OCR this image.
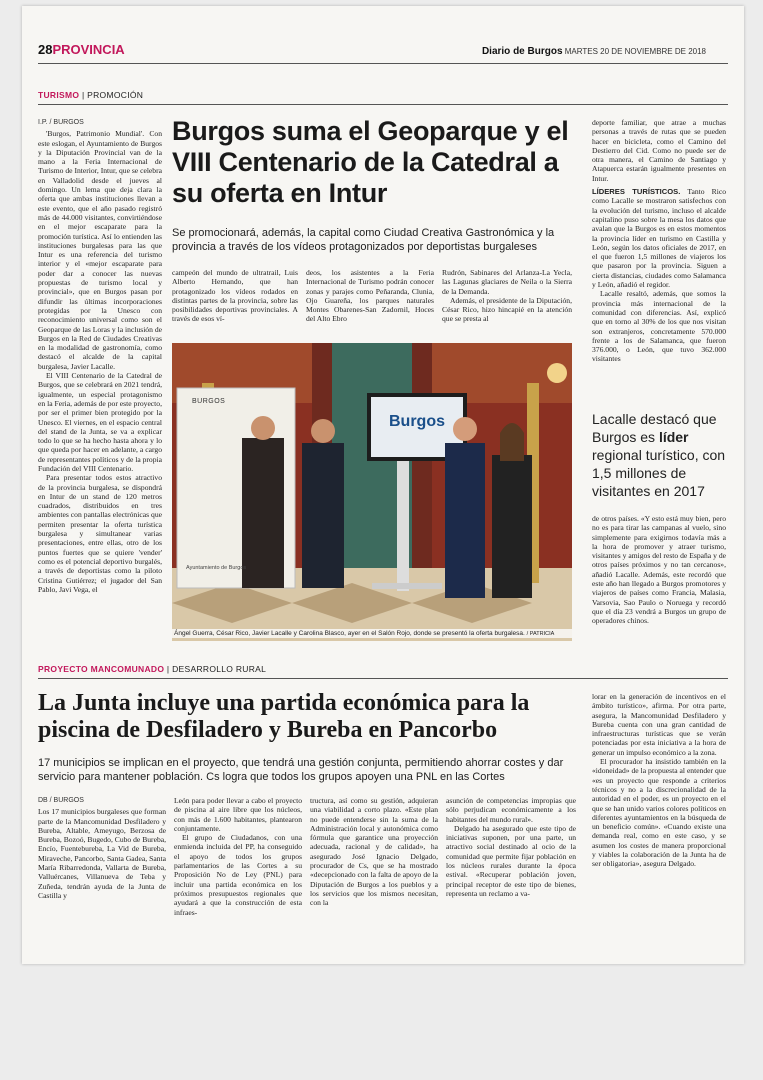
28PROVINCIA	Diario de Burgos MARTES 20 DE NOVIEMBRE DE 2018
TURISMO | PROMOCIÓN
I.P. / BURGOS

'Burgos, Patrimonio Mundial'. Con este eslogan, el Ayuntamiento de Burgos y la Diputación Provincial van de la mano a la Feria Internacional de Turismo de Interior, Intur, que se celebra en Valladolid desde el jueves al domingo. Un lema que deja clara la oferta que ambas instituciones llevan a este evento, que el año pasado registró más de 44.000 visitantes, convirtiéndose en el mejor escaparate para la promoción turística. Así lo entienden las instituciones burgalesas para las que Intur es una referencia del turismo interior y el «mejor escaparate para poder dar a conocer las nuevas propuestas de turismo local y provincial», que en Burgos pasan por difundir las últimas incorporaciones protegidas por la Unesco con reconocimiento universal como son el Geoparque de las Loras y la inclusión de Burgos en la Red de Ciudades Creativas en la modalidad de gastronomía, como destacó el alcalde de la capital burgalesa, Javier Lacalle.

El VIII Centenario de la Catedral de Burgos, que se celebrará en 2021 tendrá, igualmente, un especial protagonismo en la Feria, además de por este proyecto, por ser el primer bien protegido por la Unesco. El viernes, en el espacio central del stand de la Junta, se va a explicar todo lo que se ha hecho hasta ahora y lo que queda por hacer en adelante, a cargo de representantes políticos y de la propia Fundación del VIII Centenario.

Para presentar todos estos atractivo de la provincia burgalesa, se dispondrá en Intur de un stand de 120 metros cuadrados, distribuidos en tres ambientes con pantallas electrónicas que permiten presentar la oferta turística burgalesa y simultanear varias presentaciones, entre ellas, otro de los puntos fuertes que se quiere 'vender' como es el potencial deportivo burgalés, a través de deportistas como la piloto Cristina Gutiérrez; el jugador del San Pablo, Javi Vega, el

Burgos suma el Geoparque y el VIII Centenario de la Catedral a su oferta en Intur
Se promocionará, además, la capital como Ciudad Creativa Gastronómica y la provincia a través de los vídeos protagonizados por deportistas burgaleses

campeón del mundo de ultratrail, Luis Alberto Hernando, que han protagonizado los vídeos rodados en distintas partes de la provincia, sobre las posibilidades deportivas provinciales. A través de esos ví-

deos, los asistentes a la Feria Internacional de Turismo podrán conocer zonas y parajes como Peñaranda, Clunia, Ojo Guareña, los parques naturales Montes Obarenes-San Zadornil, Hoces del Alto Ebro

Rudrón, Sabinares del Arlanza-La Yecla, las Lagunas glaciares de Neila o la Sierra de la Demanda.

Además, el presidente de la Diputación, César Rico, hizo hincapié en la atención que se presta al

BURGOS
Ayuntamiento de Burgos
Burgos
Ángel Guerra, César Rico, Javier Lacalle y Carolina Blasco, ayer en el Salón Rojo, donde se presentó la oferta burgalesa. / PATRICIA

deporte familiar, que atrae a muchas personas a través de rutas que se pueden hacer en bicicleta, como el Camino del Destierro del Cid. Como no puede ser de otra manera, el Camino de Santiago y Atapuerca estarán igualmente presentes en Intur.

LÍDERES TURÍSTICOS. Tanto Rico como Lacalle se mostraron satisfechos con la evolución del turismo, incluso el alcalde capitalino puso sobre la mesa los datos que avalan que la Burgos es en estos momentos la provincia líder en turismo en Castilla y León, según los datos oficiales de 2017, en el que fueron 1,5 millones de viajeros los que pasaron por la provincia. Siguen a cierta distancias, ciudades como Salamanca y León, añadió el regidor.

Lacalle resaltó, además, que somos la provincia más internacional de la comunidad con diferencias. Así, explicó que en torno al 30% de los que nos visitan son extranjeros, concretamente 570.000 frente a los de Salamanca, que fueron 376.000, o León, que tuvo 362.000 visitantes

Lacalle destacó que Burgos es líder regional turístico, con 1,5 millones de visitantes en 2017

de otros países. «Y esto está muy bien, pero no es para tirar las campanas al vuelo, sino simplemente para exigirnos todavía más a la hora de promover y atraer turismo, visitantes y amigos del resto de España y de otros países próximos y no tan cercanos», añadió Lacalle. Además, este recordó que este año han llegado a Burgos promotores y viajeros de países como Francia, Malasia, Varsovia, Sao Paulo o Noruega y recordó que el día 23 vendrá a Burgos un grupo de operadores chinos.

PROYECTO MANCOMUNADO | DESARROLLO RURAL
La Junta incluye una partida económica para la piscina de Desfiladero y Bureba en Pancorbo
17 municipios se implican en el proyecto, que tendrá una gestión conjunta, permitiendo ahorrar costes y dar servicio para mantener población. Cs logra que todos los grupos apoyen una PNL en las Cortes
DB / BURGOS

Los 17 municipios burgaleses que forman parte de la Mancomunidad Desfiladero y Bureba, Altable, Ameyugo, Berzosa de Bureba, Bozoó, Bugedo, Cubo de Bureba, Encío, Fuentebureba, La Vid de Bureba, Miraveche, Pancorbo, Santa Gadea, Santa María Ribarredonda, Vallarta de Bureba, Valluércanes, Villanueva de Teba y Zuñeda, tendrán ayuda de la Junta de Castilla y

León para poder llevar a cabo el proyecto de piscina al aire libre que los núcleos, con más de 1.600 habitantes, plantearon conjuntamente.

El grupo de Ciudadanos, con una enmienda incluida del PP, ha conseguido el apoyo de todos los grupos parlamentarios de las Cortes a su Proposición No de Ley (PNL) para incluir una partida económica en los próximos presupuestos regionales que ayudará a que la construcción de esta infraes-

tructura, así como su gestión, adquieran una viabilidad a corto plazo. «Este plan no puede entenderse sin la suma de la Administración local y autonómica como fórmula que garantice una proyección adecuada, racional y de calidad», ha asegurado José Ignacio Delgado, procurador de Cs, que se ha mostrado «decepcionado con la falta de apoyo de la Diputación de Burgos a los pueblos y a los servicios que los mismos necesitan, con la

asunción de competencias impropias que sólo perjudican económicamente a los habitantes del mundo rural».

Delgado ha asegurado que este tipo de iniciativas suponen, por una parte, un atractivo social destinado al ocio de la comunidad que permite fijar población en los núcleos rurales durante la época estival. «Recuperar población joven, principal receptor de este tipo de bienes, representa un reclamo a va-

lorar en la generación de incentivos en el ámbito turístico», afirma. Por otra parte, asegura, la Mancomunidad Desfiladero y Bureba cuenta con una gran cantidad de infraestructuras turísticas que se verán potenciadas por esta iniciativa a la hora de generar un impulso económico a la zona.

El procurador ha insistido también en la «idoneidad» de la propuesta al entender que «es un proyecto que responde a criterios técnicos y no a la discrecionalidad de la autoridad en el poder, es un proyecto en el que se han unido varios colores políticos en diferentes ayuntamientos en la búsqueda de un beneficio común». «Cuando existe una demanda real, como en este caso, y se asumen los costes de manera proporcional y viables la colaboración de la Junta ha de ser obligatoria», asegura Delgado.
